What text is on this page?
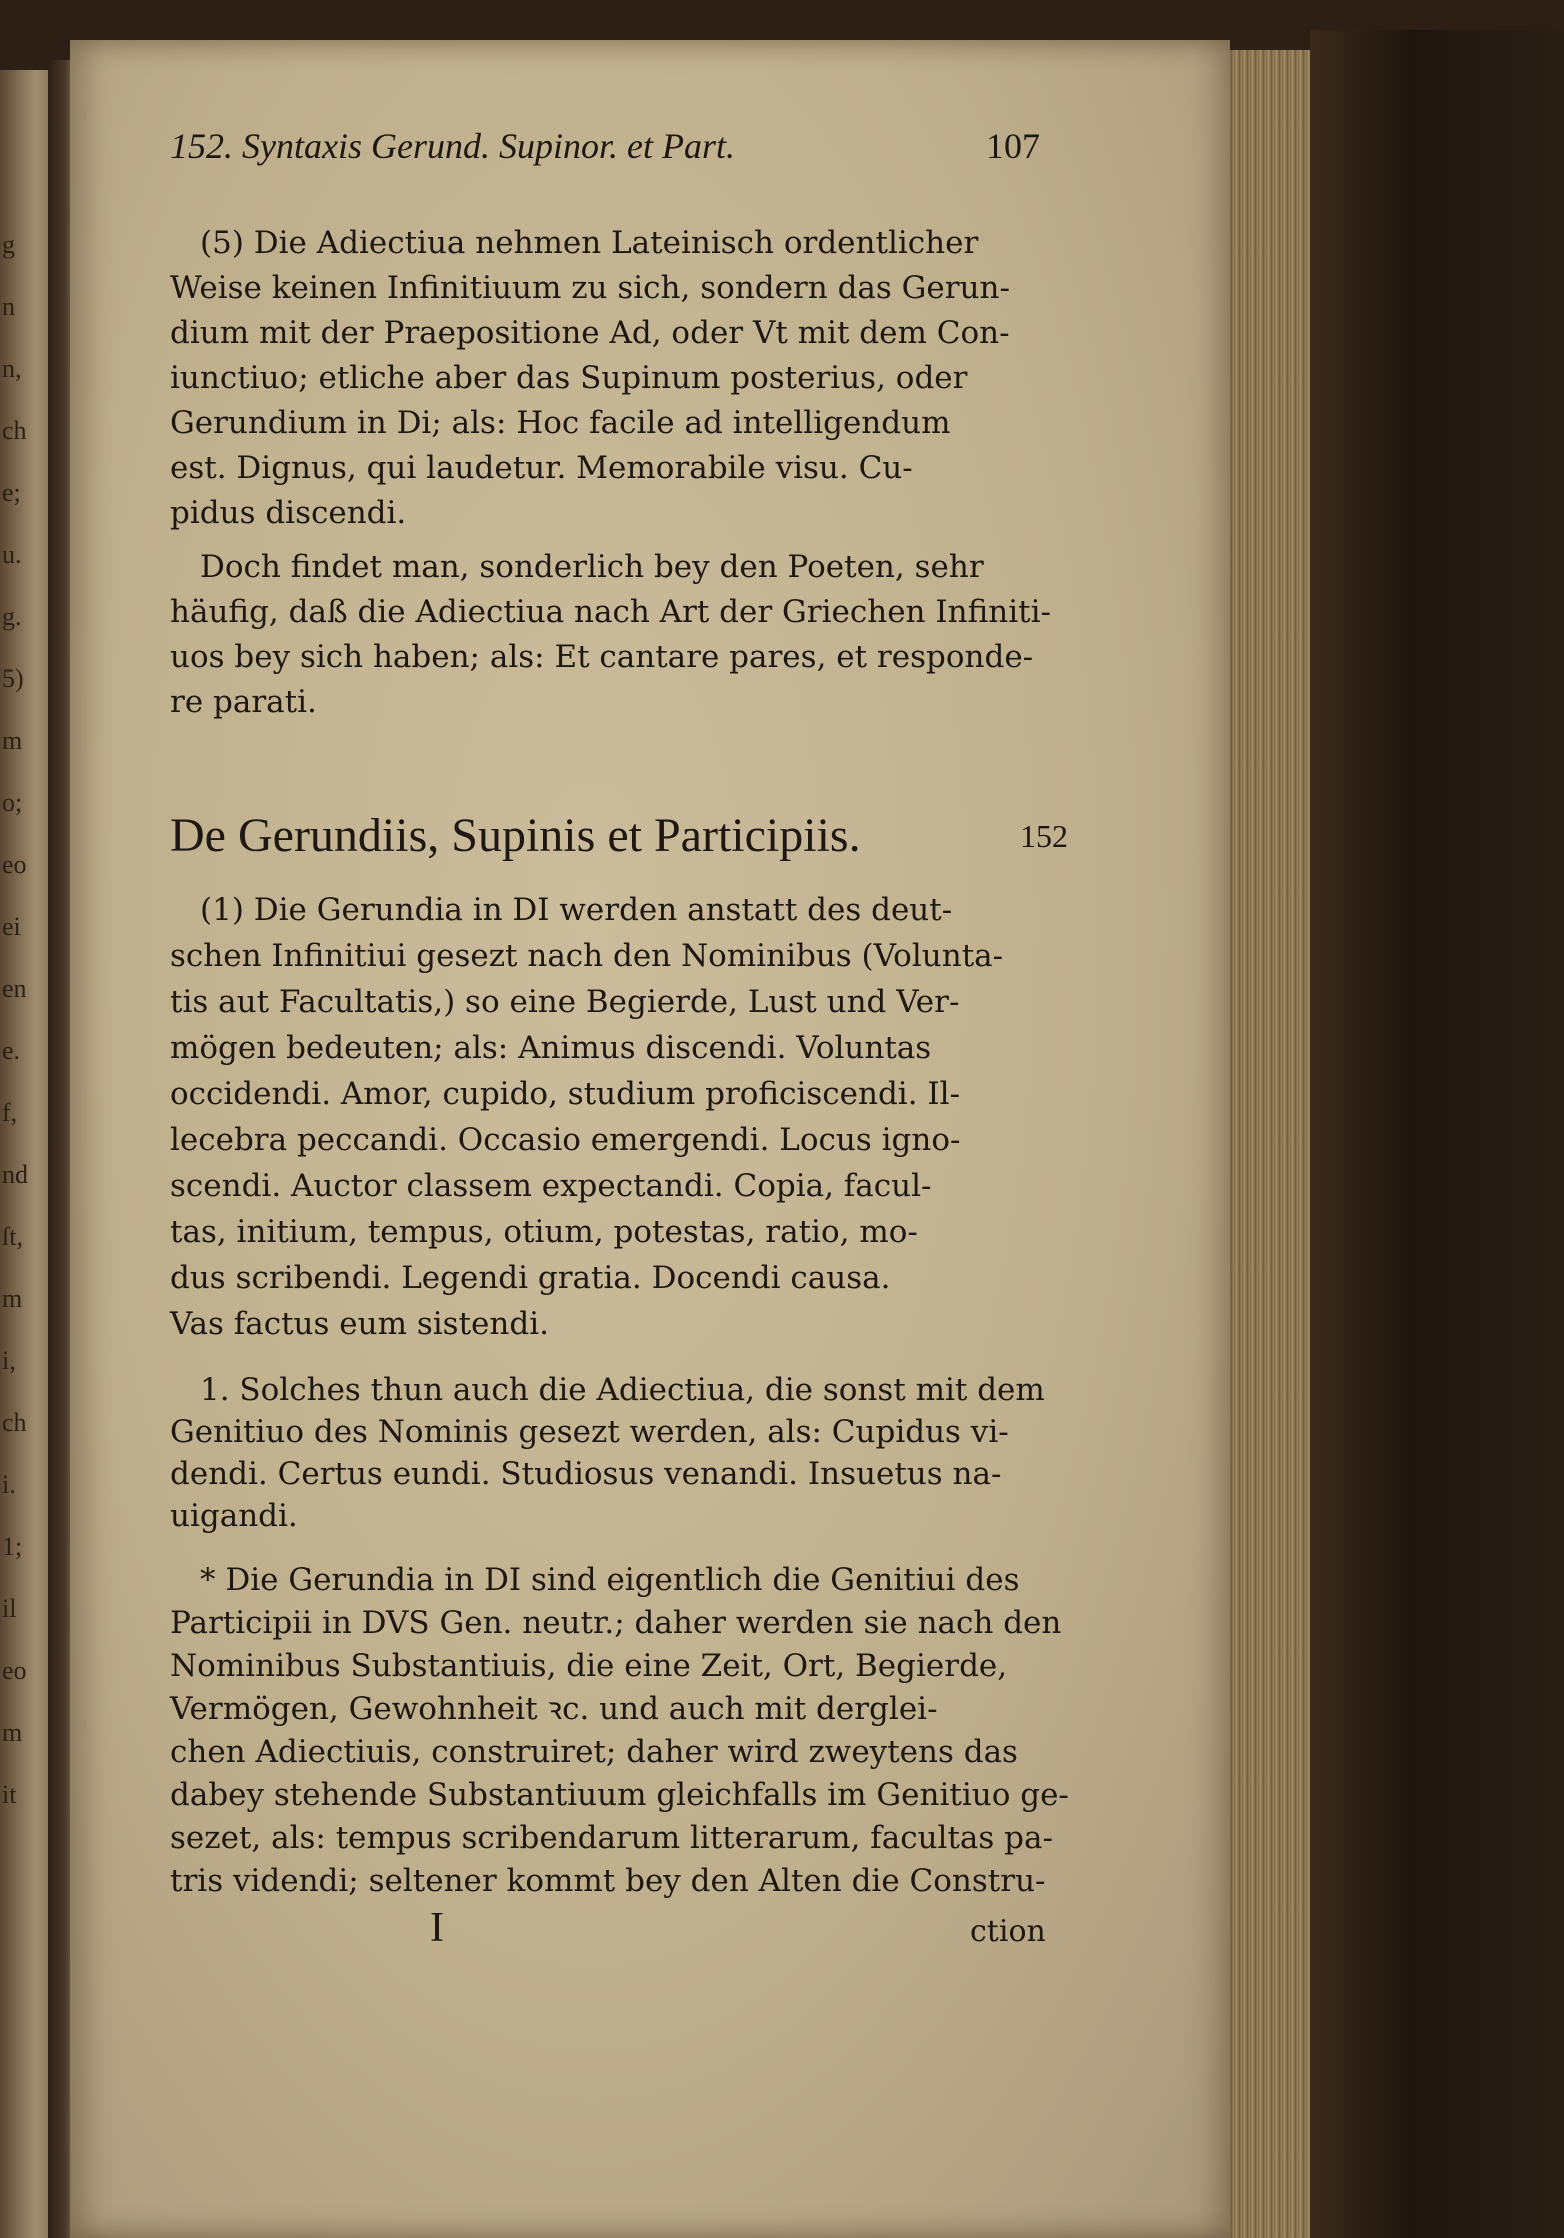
g
n
n,
ch
e;
u.
g.
5)
m
o;
eo
ei
en
e.
f,
nd
ſt,
m
i,
ch
i.
1;
il
eo
m
it
152. Syntaxis Gerund. Supinor. et Part.	107
(5) Die Adiectiua nehmen Lateinisch ordentlicher
Weise keinen Infinitiuum zu sich, sondern das Gerun-
dium mit der Praepositione Ad, oder Vt mit dem Con-
iunctiuo; etliche aber das Supinum posterius, oder
Gerundium in Di; als: Hoc facile ad intelligendum
est. Dignus, qui laudetur. Memorabile visu. Cu-
pidus discendi.
Doch findet man, sonderlich bey den Poeten, sehr
häufig, daß die Adiectiua nach Art der Griechen Infiniti-
uos bey sich haben; als: Et cantare pares, et responde-
re parati.
De Gerundiis, Supinis et Participiis.	152
(1) Die Gerundia in DI werden anstatt des deut-
schen Infinitiui gesezt nach den Nominibus (Volunta-
tis aut Facultatis,) so eine Begierde, Lust und Ver-
mögen bedeuten; als: Animus discendi. Voluntas
occidendi. Amor, cupido, studium proficiscendi. Il-
lecebra peccandi. Occasio emergendi. Locus igno-
scendi. Auctor classem expectandi. Copia, facul-
tas, initium, tempus, otium, potestas, ratio, mo-
dus scribendi. Legendi gratia. Docendi causa.
Vas factus eum sistendi.
1. Solches thun auch die Adiectiua, die sonst mit dem
Genitiuo des Nominis gesezt werden, als: Cupidus vi-
dendi. Certus eundi. Studiosus venandi. Insuetus na-
uigandi.
* Die Gerundia in DI sind eigentlich die Genitiui des
Participii in DVS Gen. neutr.; daher werden sie nach den
Nominibus Substantiuis, die eine Zeit, Ort, Begierde,
Vermögen, Gewohnheit ꝛc. und auch mit derglei-
chen Adiectiuis, construiret; daher wird zweytens das
dabey stehende Substantiuum gleichfalls im Genitiuo ge-
sezet, als: tempus scribendarum litterarum, facultas pa-
tris videndi; seltener kommt bey den Alten die Constru-
I	ction
